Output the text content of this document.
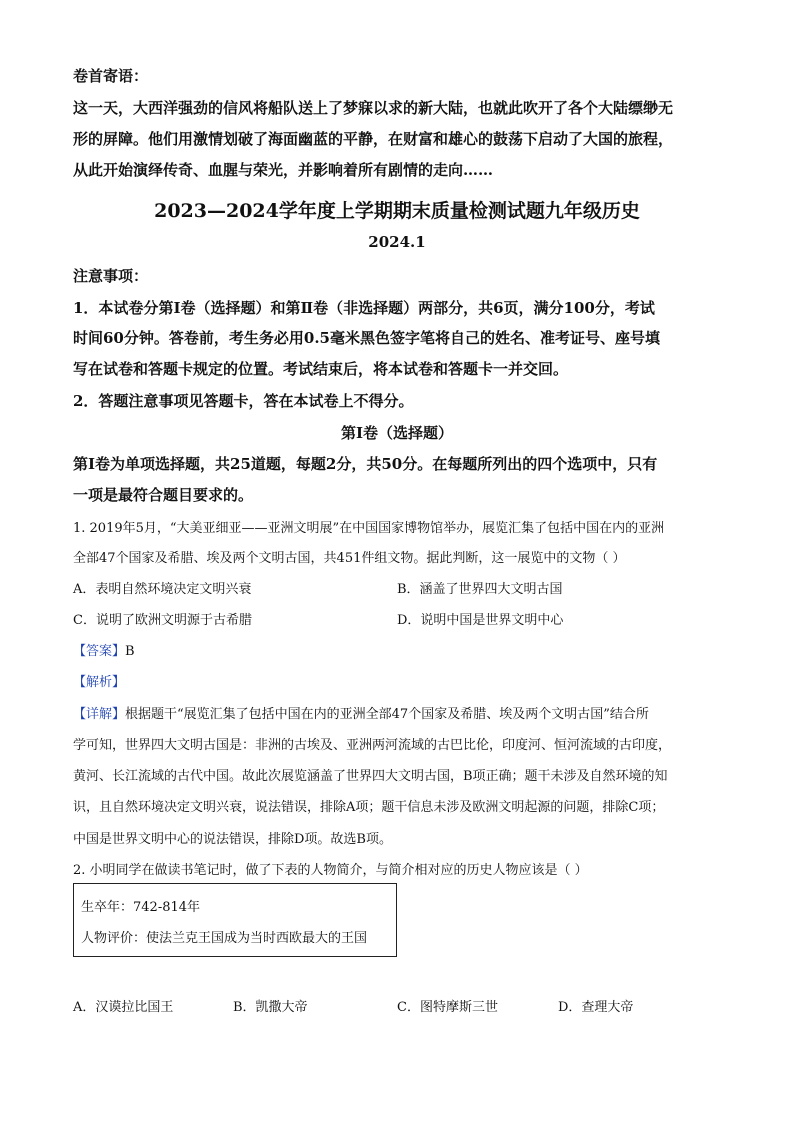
卷首寄语：
这一天，大西洋强劲的信风将船队送上了梦寐以求的新大陆，也就此吹开了各个大陆缥缈无
形的屏障。他们用激情划破了海面幽蓝的平静，在财富和雄心的鼓荡下启动了大国的旅程，
从此开始演绎传奇、血腥与荣光，并影响着所有剧情的走向……
2023—2024学年度上学期期末质量检测试题九年级历史
2024.1
注意事项：
1．本试卷分第Ⅰ卷（选择题）和第Ⅱ卷（非选择题）两部分，共6页，满分100分，考试
时间60分钟。答卷前，考生务必用0.5毫米黑色签字笔将自己的姓名、准考证号、座号填
写在试卷和答题卡规定的位置。考试结束后，将本试卷和答题卡一并交回。
2．答题注意事项见答题卡，答在本试卷上不得分。
第Ⅰ卷（选择题）
第Ⅰ卷为单项选择题，共25道题，每题2分，共50分。在每题所列出的四个选项中，只有
一项是最符合题目要求的。
1. 2019年5月，“大美亚细亚——亚洲文明展”在中国国家博物馆举办，展览汇集了包括中国在内的亚洲
全部47个国家及希腊、埃及两个文明古国，共451件组文物。据此判断，这一展览中的文物（ ）
A．表明自然环境决定文明兴衰	B．涵盖了世界四大文明古国
C．说明了欧洲文明源于古希腊	D．说明中国是世界文明中心
【答案】B
【解析】
【详解】根据题干“展览汇集了包括中国在内的亚洲全部47个国家及希腊、埃及两个文明古国”结合所
学可知，世界四大文明古国是：非洲的古埃及、亚洲两河流域的古巴比伦，印度河、恒河流域的古印度，
黄河、长江流域的古代中国。故此次展览涵盖了世界四大文明古国，B项正确；题干未涉及自然环境的知
识，且自然环境决定文明兴衰，说法错误，排除A项；题干信息未涉及欧洲文明起源的问题，排除C项；
中国是世界文明中心的说法错误，排除D项。故选B项。
2. 小明同学在做读书笔记时，做了下表的人物简介，与简介相对应的历史人物应该是（ ）
生卒年：742-814年
人物评价：使法兰克王国成为当时西欧最大的王国
A．汉谟拉比国王	B．凯撒大帝	C．图特摩斯三世	D．查理大帝
